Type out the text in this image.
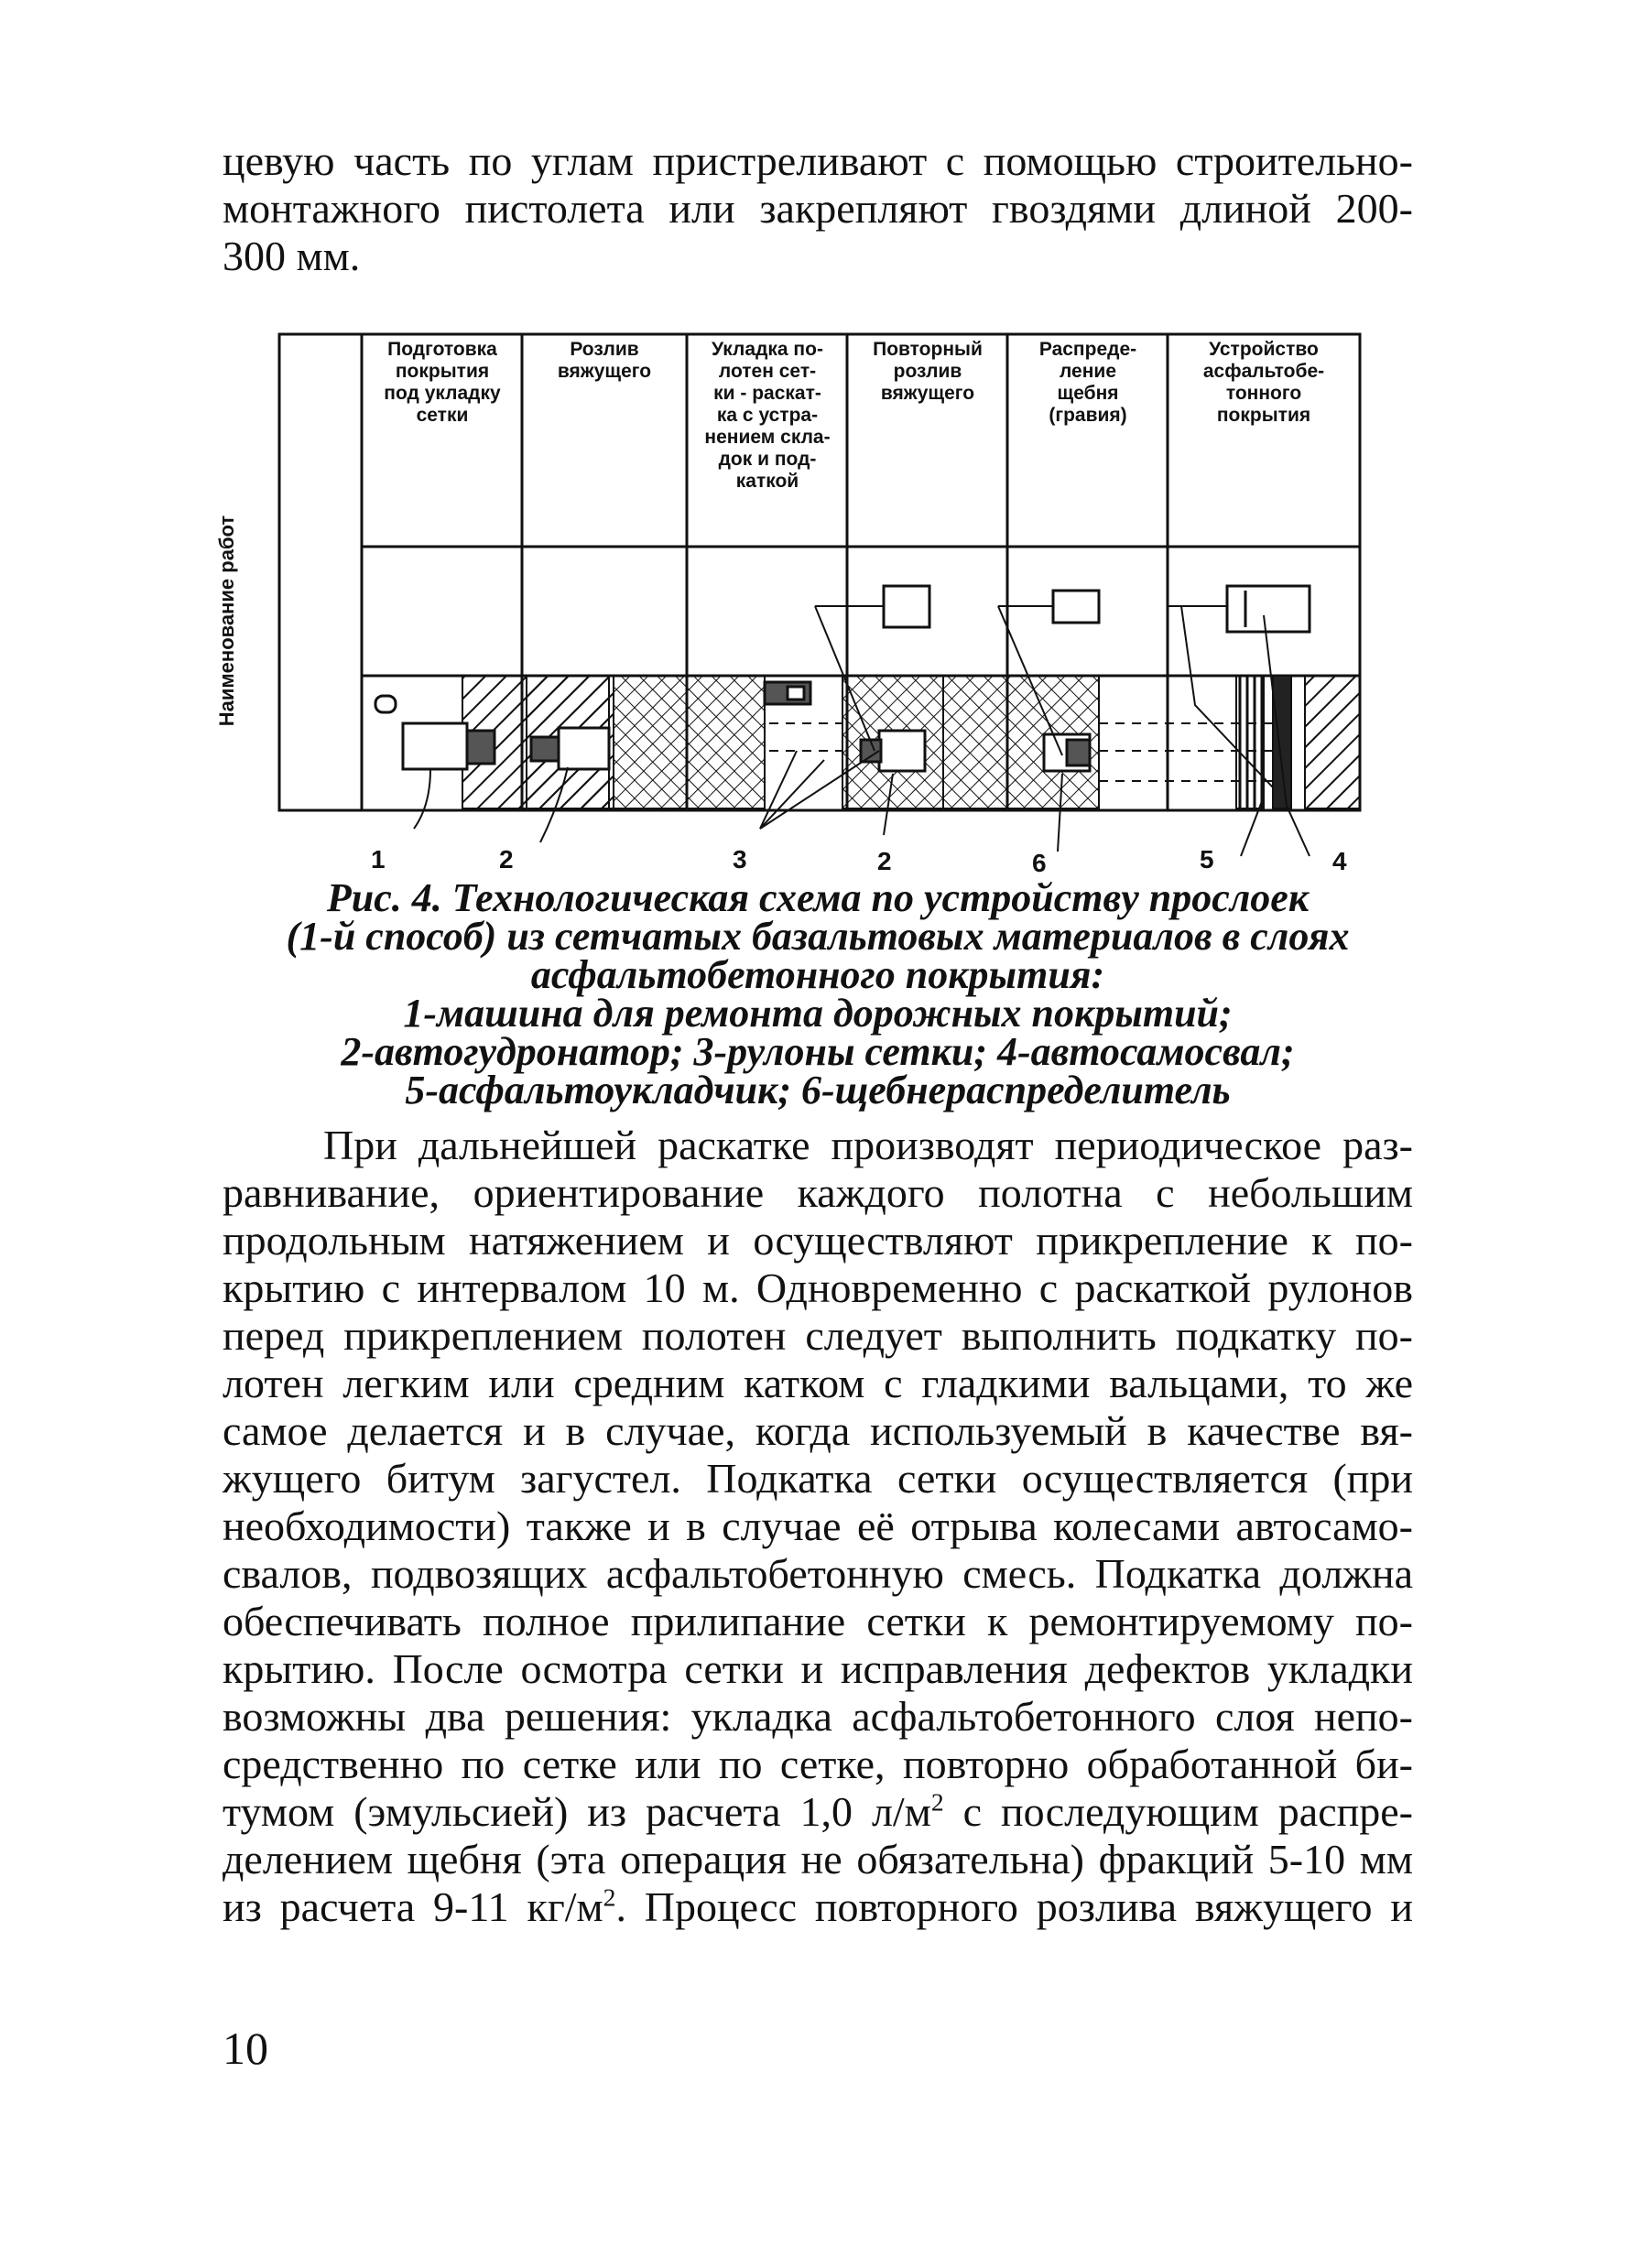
цевую часть по углам пристреливают с помощью строительно-
монтажного пистолета или закрепляют гвоздями длиной 200-
300 мм.
1	2	3	2	6	5	4
Наименование работ
Подготовка
покрытия
под укладку
сетки
Розлив
вяжущего
Укладка по-
лотен сет-
ки - раскат-
ка с устра-
нением скла-
док и под-
каткой
Повторный
розлив
вяжущего
Распреде-
ление
щебня
(гравия)
Устройство
асфальтобе-
тонного
покрытия
Рис. 4. Технологическая схема по устройству прослоек
(1-й способ) из сетчатых базальтовых материалов в слоях
асфальтобетонного покрытия:
1-машина для ремонта дорожных покрытий;
2-автогудронатор; 3-рулоны сетки; 4-автосамосвал;
5-асфальтоукладчик; 6-щебнераспределитель
При дальнейшей раскатке производят периодическое раз-
равнивание, ориентирование каждого полотна с небольшим
продольным натяжением и осуществляют прикрепление к по-
крытию с интервалом 10 м. Одновременно с раскаткой рулонов
перед прикреплением полотен следует выполнить подкатку по-
лотен легким или средним катком с гладкими вальцами, то же
самое делается и в случае, когда используемый в качестве вя-
жущего битум загустел. Подкатка сетки осуществляется (при
необходимости) также и в случае её отрыва колесами автосамо-
свалов, подвозящих асфальтобетонную смесь. Подкатка должна
обеспечивать полное прилипание сетки к ремонтируемому по-
крытию. После осмотра сетки и исправления дефектов укладки
возможны два решения: укладка асфальтобетонного слоя непо-
средственно по сетке или по сетке, повторно обработанной би-
тумом (эмульсией) из расчета 1,0 $л/м^2$ с последующим распре-
делением щебня (эта операция не обязательна) фракций 5-10 мм
из расчета 9-11 $кг/м^2$. Процесс повторного розлива вяжущего и
10
